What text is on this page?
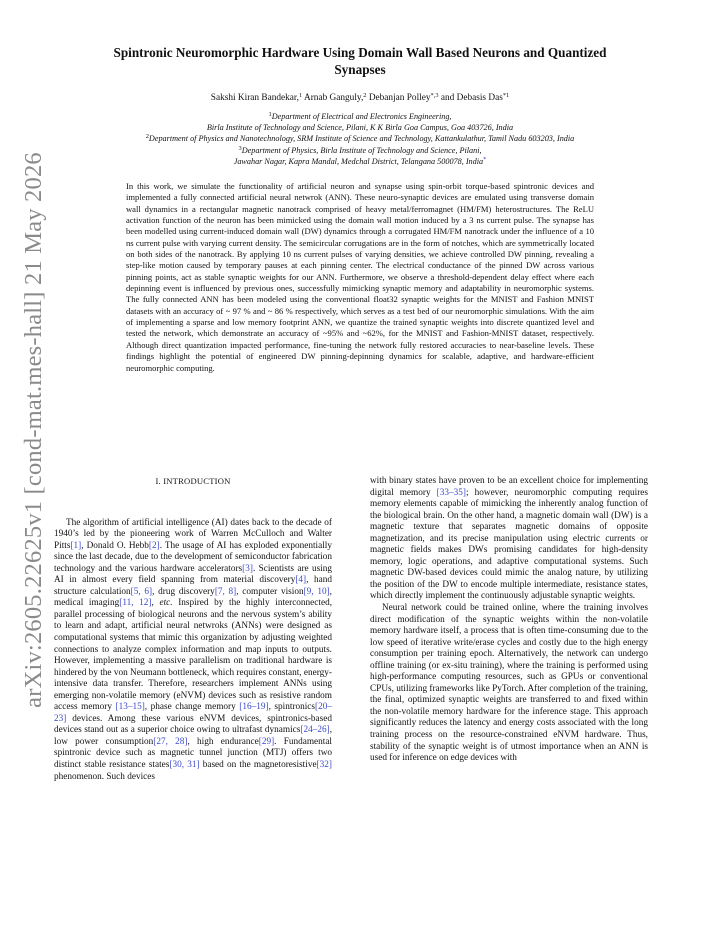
arXiv:2605.22625v1 [cond-mat.mes-hall] 21 May 2026
Spintronic Neuromorphic Hardware Using Domain Wall Based Neurons and Quantized
Synapses
Sakshi Kiran Bandekar,$^1$ Arnab Ganguly,$^2$ Debanjan Polley$^{*,3}$ and Debasis Das$^{*1}$
$^1$Department of Electrical and Electronics Engineering,
Birla Institute of Technology and Science, Pilani, K K Birla Goa Campus, Goa 403726, India
$^2$Department of Physics and Nanotechnology, SRM Institute of Science and Technology, Kattankulathur, Tamil Nadu 603203, India
$^3$Department of Physics, Birla Institute of Technology and Science, Pilani,
Jawahar Nagar, Kapra Mandal, Medchal District, Telangana 500078, India*
In this work, we simulate the functionality of artificial neuron and synapse using spin-orbit torque-based spintronic devices and implemented a fully connected artificial neural netwrok (ANN). These neuro-synaptic devices are emulated using transverse domain wall dynamics in a rectangular magnetic nanotrack comprised of heavy metal/ferromagnet (HM/FM) heterostructures. The ReLU activation function of the neuron has been mimicked using the domain wall motion induced by a 3 ns current pulse. The synapse has been modelled using current-induced domain wall (DW) dynamics through a corrugated HM/FM nanotrack under the influence of a 10 ns current pulse with varying current density. The semicircular corrugations are in the form of notches, which are symmetrically located on both sides of the nanotrack. By applying 10 ns current pulses of varying densities, we achieve controlled DW pinning, revealing a step-like motion caused by temporary pauses at each pinning center. The electrical conductance of the pinned DW across various pinning points, act as stable synaptic weights for our ANN. Furthermore, we observe a threshold-dependent delay effect where each depinning event is influenced by previous ones, successfully mimicking synaptic memory and adaptability in neuromorphic systems. The fully connected ANN has been modeled using the conventional float32 synaptic weights for the MNIST and Fashion MNIST datasets with an accuracy of ~ 97 % and ~ 86 % respectively, which serves as a test bed of our neuromorphic simulations. With the aim of implementing a sparse and low memory footprint ANN, we quantize the trained synaptic weights into discrete quantized level and tested the network, which demonstrate an accuracy of ~95% and ~62%, for the MNIST and Fashion-MNIST dataset, respectively. Although direct quantization impacted performance, fine-tuning the network fully restored accuracies to near-baseline levels. These findings highlight the potential of engineered DW pinning-depinning dynamics for scalable, adaptive, and hardware-efficient neuromorphic computing.
I. INTRODUCTION

The algorithm of artificial intelligence (AI) dates back to the decade of 1940’s led by the pioneering work of Warren McCulloch and Walter Pitts[1], Donald O. Hebb[2]. The usage of AI has exploded exponentially since the last decade, due to the development of semiconductor fabrication technology and the various hardware accelerators[3]. Scientists are using AI in almost every field spanning from material discovery[4], hand structure calculation[5, 6], drug discovery[7, 8], computer vision[9, 10], medical imaging[11, 12], etc. Inspired by the highly interconnected, parallel processing of biological neurons and the nervous system’s ability to learn and adapt, artificial neural netwroks (ANNs) were designed as computational systems that mimic this organization by adjusting weighted connections to analyze complex information and map inputs to outputs. However, implementing a massive parallelism on traditional hardware is hindered by the von Neumann bottleneck, which requires constant, energy-intensive data transfer. Therefore, researchers implement ANNs using emerging non-volatile memory (eNVM) devices such as resistive random access memory [13–15], phase change memory [16–19], spintronics[20–23] devices. Among these various eNVM devices, spintronics-based devices stand out as a superior choice owing to ultrafast dynamics[24–26], low power consumption[27, 28], high endurance[29]. Fundamental spintronic device such as magnetic tunnel junction (MTJ) offers two distinct stable resistance states[30, 31] based on the magnetoresistive[32] phenomenon. Such devices

with binary states have proven to be an excellent choice for implementing digital memory [33–35]; however, neuromorphic computing requires memory elements capable of mimicking the inherently analog function of the biological brain. On the other hand, a magnetic domain wall (DW) is a magnetic texture that separates magnetic domains of opposite magnetization, and its precise manipulation using electric currents or magnetic fields makes DWs promising candidates for high-density memory, logic operations, and adaptive computational systems. Such magnetic DW-based devices could mimic the analog nature, by utilizing the position of the DW to encode multiple intermediate, resistance states, which directly implement the continuously adjustable synaptic weights.

Neural network could be trained online, where the training involves direct modification of the synaptic weights within the non-volatile memory hardware itself, a process that is often time-consuming due to the low speed of iterative write/erase cycles and costly due to the high energy consumption per training epoch. Alternatively, the network can undergo offline training (or ex-situ training), where the training is performed using high-performance computing resources, such as GPUs or conventional CPUs, utilizing frameworks like PyTorch. After completion of the training, the final, optimized synaptic weights are transferred to and fixed within the non-volatile memory hardware for the inference stage. This approach significantly reduces the latency and energy costs associated with the long training process on the resource-constrained eNVM hardware. Thus, stability of the synaptic weight is of utmost importance when an ANN is used for inference on edge devices with
